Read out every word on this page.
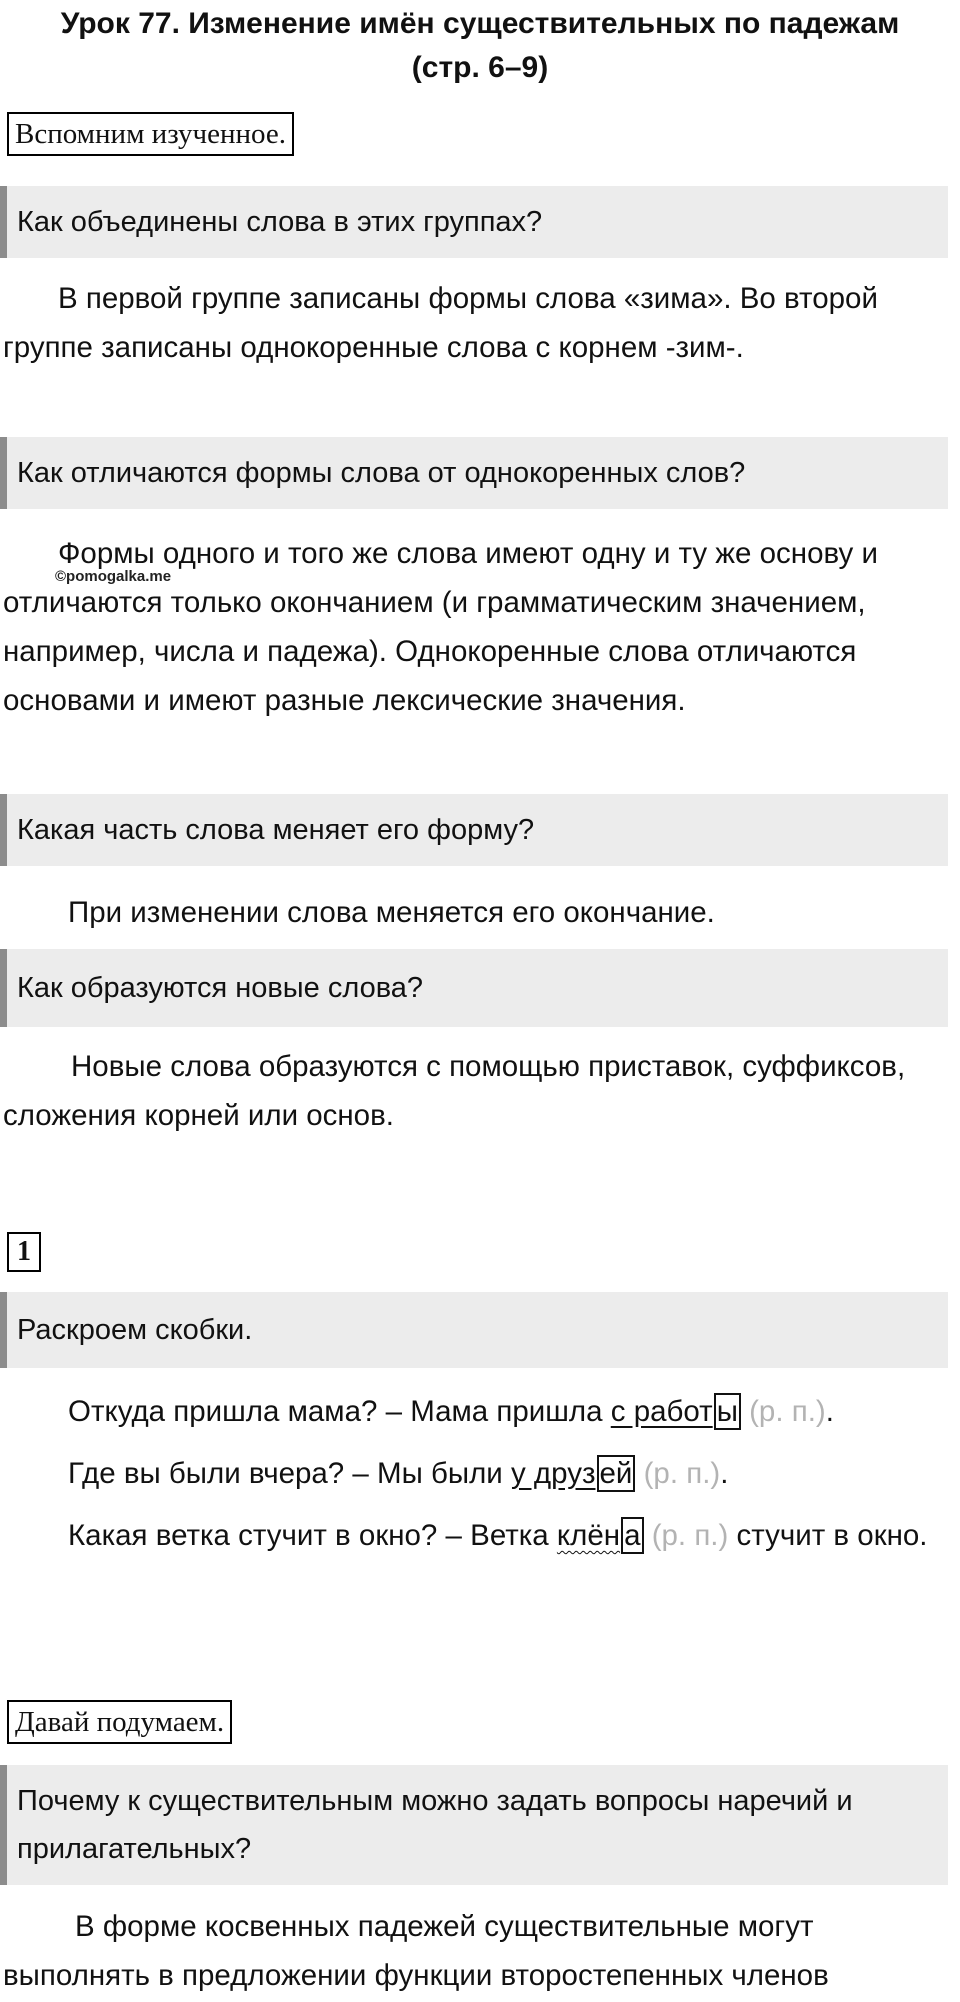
Урок 77. Изменение имён существительных по падежам
(стр. 6–9)
Вспомним изученное.
Как объединены слова в этих группах?
В первой группе записаны формы слова «зима». Во второй группе записаны однокоренные слова с корнем -зим-.
Как отличаются формы слова от однокоренных слов?
©pomogalka.me
Формы одного и того же слова имеют одну и ту же основу и отличаются только окончанием (и грамматическим значением, например, числа и падежа). Однокоренные слова отличаются основами и имеют разные лексические значения.
Какая часть слова меняет его форму?
При изменении слова меняется его окончание.
Как образуются новые слова?
Новые слова образуются с помощью приставок, суффиксов, сложения корней или основ.
1
Раскроем скобки.
Откуда пришла мама? – Мама пришла с работ ы (р. п.).
Где вы были вчера? – Мы были у друз ей (р. п.).
Какая ветка стучит в окно? – Ветка клён а (р. п.) стучит в окно.
Давай подумаем.
Почему к существительным можно задать вопросы наречий и прилагательных?
В форме косвенных падежей существительные могут выполнять в предложении функции второстепенных членов
